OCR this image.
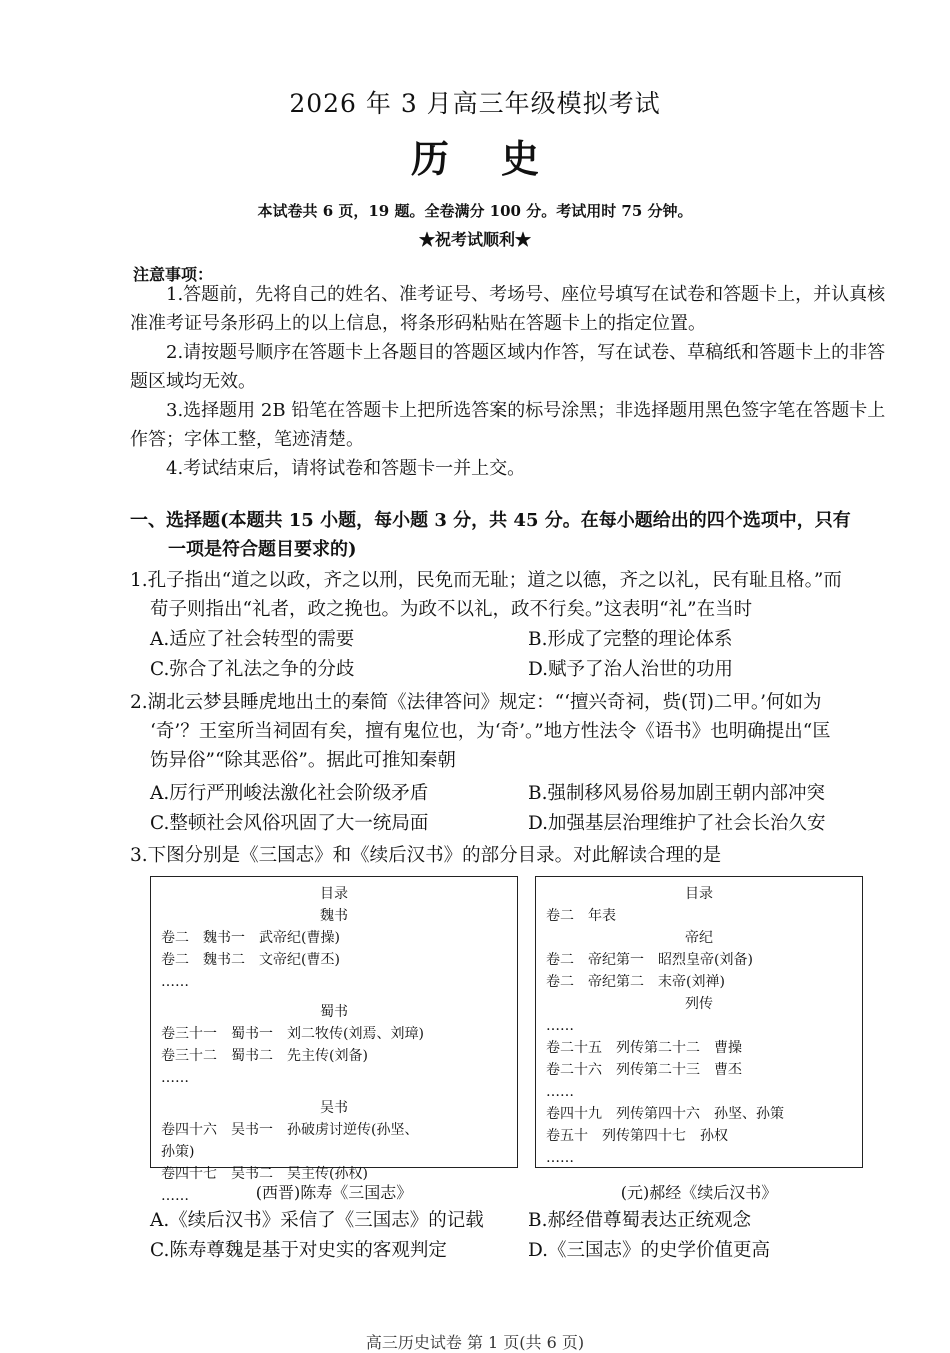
2026 年 3 月高三年级模拟考试
历 史
本试卷共 6 页，19 题。全卷满分 100 分。考试用时 75 分钟。
★祝考试顺利★
注意事项：

1.答题前，先将自己的姓名、准考证号、考场号、座位号填写在试卷和答题卡上，并认真核准准考证号条形码上的以上信息，将条形码粘贴在答题卡上的指定位置。

2.请按题号顺序在答题卡上各题目的答题区域内作答，写在试卷、草稿纸和答题卡上的非答题区域均无效。

3.选择题用 2B 铅笔在答题卡上把所选答案的标号涂黑；非选择题用黑色签字笔在答题卡上作答；字体工整，笔迹清楚。

4.考试结束后，请将试卷和答题卡一并上交。

一、选择题(本题共 15 小题，每小题 3 分，共 45 分。在每小题给出的四个选项中，只有
一项是符合题目要求的)
1.孔子指出“道之以政，齐之以刑，民免而无耻；道之以德，齐之以礼，民有耻且格。”而
荀子则指出“礼者，政之挽也。为政不以礼，政不行矣。”这表明“礼”在当时
A.适应了社会转型的需要	B.形成了完整的理论体系
C.弥合了礼法之争的分歧	D.赋予了治人治世的功用
2.湖北云梦县睡虎地出土的秦简《法律答问》规定：“‘擅兴奇祠，赀(罚)二甲。’何如为
‘奇’？王室所当祠固有矣，擅有鬼位也，为‘奇’。”地方性法令《语书》也明确提出“匡
饬异俗”“除其恶俗”。据此可推知秦朝
A.厉行严刑峻法激化社会阶级矛盾	B.强制移风易俗易加剧王朝内部冲突
C.整顿社会风俗巩固了大一统局面	D.加强基层治理维护了社会长治久安
3.下图分别是《三国志》和《续后汉书》的部分目录。对此解读合理的是
目录
魏书
卷二　魏书一　武帝纪(曹操)
卷二　魏书二　文帝纪(曹丕)
……
蜀书
卷三十一　蜀书一　刘二牧传(刘焉、刘璋)
卷三十二　蜀书二　先主传(刘备)
……
吴书
卷四十六　吴书一　孙破虏讨逆传(孙坚、
孙策)
卷四十七　吴书二　吴主传(孙权)
……
目录
卷二　年表
帝纪
卷二　帝纪第一　昭烈皇帝(刘备)
卷二　帝纪第二　末帝(刘禅)
列传
……
卷二十五　列传第二十二　曹操
卷二十六　列传第二十三　曹丕
……
卷四十九　列传第四十六　孙坚、孙策
卷五十　列传第四十七　孙权
……
(西晋)陈寿《三国志》	(元)郝经《续后汉书》
A.《续后汉书》采信了《三国志》的记载	B.郝经借尊蜀表达正统观念
C.陈寿尊魏是基于对史实的客观判定	D.《三国志》的史学价值更高
高三历史试卷 第 1 页(共 6 页)
